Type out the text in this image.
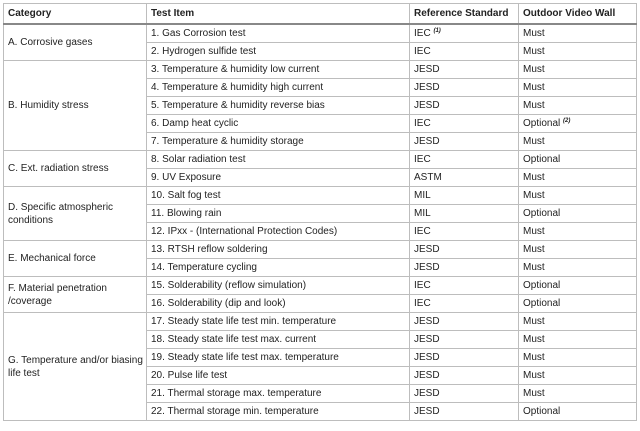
Category	Test Item	Reference Standard	Outdoor Video Wall
A. Corrosive gases	1. Gas Corrosion test	IEC $^{(1)}$	Must
	2. Hydrogen sulfide test	IEC	Must
B. Humidity stress	3. Temperature & humidity low current	JESD	Must
	4. Temperature & humidity high current	JESD	Must
	5. Temperature & humidity reverse bias	JESD	Must
	6. Damp heat cyclic	IEC	Optional $^{(2)}$
	7. Temperature & humidity storage	JESD	Must
C. Ext. radiation stress	8. Solar radiation test	IEC	Optional
	9. UV Exposure	ASTM	Must
D. Specific atmospheric conditions	10. Salt fog test	MIL	Must
	11. Blowing rain	MIL	Optional
	12. IPxx - (International Protection Codes)	IEC	Must
E. Mechanical force	13. RTSH reflow soldering	JESD	Must
	14. Temperature cycling	JESD	Must
F. Material penetration /coverage	15. Solderability (reflow simulation)	IEC	Optional
	16. Solderability (dip and look)	IEC	Optional
G. Temperature and/or biasing life test	17. Steady state life test min. temperature	JESD	Must
	18. Steady state life test max. current	JESD	Must
	19. Steady state life test max. temperature	JESD	Must
	20. Pulse life test	JESD	Must
	21. Thermal storage max. temperature	JESD	Must
	22. Thermal storage min. temperature	JESD	Optional
